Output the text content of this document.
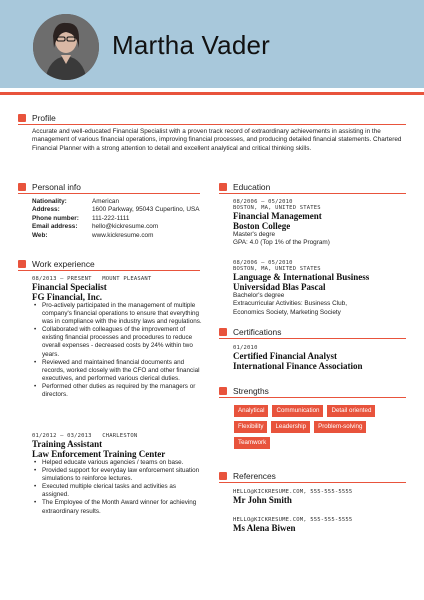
Martha Vader
Profile
Accurate and well-educated Financial Specialist with a proven track record of extraordinary achievements in assisting in the management of various financial operations, improving financial processes, and producing detailed financial statements. Chartered Financial Planner with a strong attention to detail and excellent analytical and critical thinking skills.
Personal info
Nationality:	American
Address:	1600 Parkway, 95043 Cupertino, USA
Phone number:	111-222-1111
Email address:	hello@kickresume.com
Web:	www.kickresume.com
Work experience
08/2013 – PRESENT MOUNT PLEASANT
Financial Specialist
FG Financial, Inc.
• Pro-actively participated in the management of multiple company's financial operations to ensure that everything was in compliance with the industry laws and regulations.
• Collaborated with colleagues of the improvement of existing financial processes and procedures to reduce overall expenses - decreased costs by 24% within two years.
• Reviewed and maintained financial documents and records, worked closely with the CFO and other financial executives, and performed various clerical duties.
• Performed other duties as required by the managers or directors.
01/2012 – 03/2013 CHARLESTON
Training Assistant
Law Enforcement Training Center
• Helped educate various agencies / teams on base.
• Provided support for everyday law enforcement situation simulations to reinforce lectures.
• Executed multiple clerical tasks and activities as assigned.
• The Employee of the Month Award winner for achieving extraordinary results.
Education
08/2006 – 05/2010
BOSTON, MA, UNITED STATES
Financial Management
Boston College
Master's degre
GPA: 4.0 (Top 1% of the Program)
08/2006 – 05/2010
BOSTON, MA, UNITED STATES
Language & International Business
Universidad Blas Pascal
Bachelor's degree
Extracurricular Activities: Business Club,
Economics Society, Marketing Society
Certifications
01/2010
Certified Financial Analyst
International Finance Association
Strengths
Analytical	Communication	Detail oriented
Flexibility	Leadership	Problem-solving
Teamwork
References
HELLO@KICKRESUME.COM, 555-555-5555
Mr John Smith
HELLO@KICKRESUME.COM, 555-555-5555
Ms Alena Biwen
